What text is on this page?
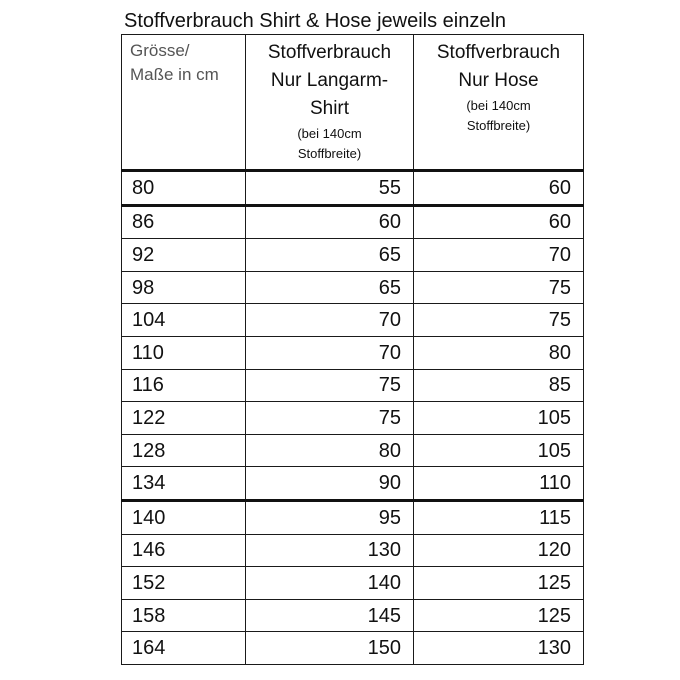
Stoffverbrauch Shirt & Hose jeweils einzeln
Grösse/
Maße in cm	Stoffverbrauch
Nur Langarm-
Shirt
(bei 140cm
Stoffbreite)	Stoffverbrauch
Nur Hose
(bei 140cm
Stoffbreite)

80	55	60
86	60	60
92	65	70
98	65	75
104	70	75
110	70	80
116	75	85
122	75	105
128	80	105
134	90	110
140	95	115
146	130	120
152	140	125
158	145	125
164	150	130
